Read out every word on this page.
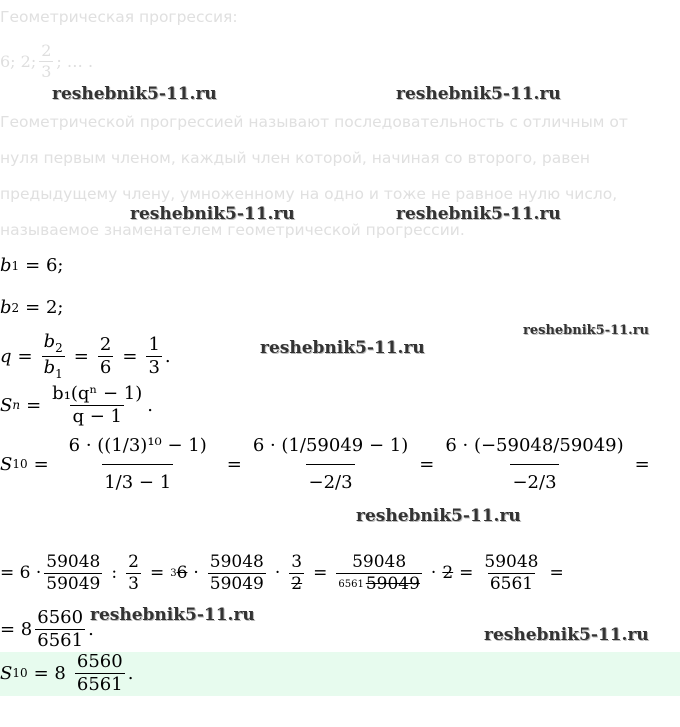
Геометрическая прогрессия:
6; 2; $\frac{2}{3}$ ; … .
Геометрической прогрессией называют последовательность с отличным от
нуля первым членом, каждый член которой, начиная со второго, равен
предыдущему члену, умноженному на одно и тоже не равное нулю число,
называемое знаменателем геометрической прогрессии.
b 1 = 6;
b 2 = 2;
$q = \frac{b_2}{b_1} = \frac{2}{6} = \frac{1}{3}$ .
S $n = \frac{\text{b₁(qⁿ − 1)}}{q - 1}$ .
S $10 = \frac{\text{6 · ((1/3)¹⁰ − 1)}}{1/3 - 1} = \frac{6 \cdot (1/59049 - 1)}{-2/3} = \frac{6 \cdot (-59048/59049)}{-2/3}$ =
= $6 \cdot \frac{59048}{59049}$ : $\frac{2}{3} = 3$ $6 \cdot \frac{59048}{59049} \cdot \frac{3}{2} = \frac{59048}{6561 59049} \cdot 2 = \frac{59048}{6561}$ =
= $8 \frac{6560}{6561}$ .
S $10 = 8 \frac{6560}{6561}$ .
reshebnik5-11.ru	reshebnik5-11.ru
reshebnik5-11.ru	reshebnik5-11.ru
reshebnik5-11.ru
reshebnik5-11.ru
reshebnik5-11.ru
reshebnik5-11.ru
reshebnik5-11.ru
